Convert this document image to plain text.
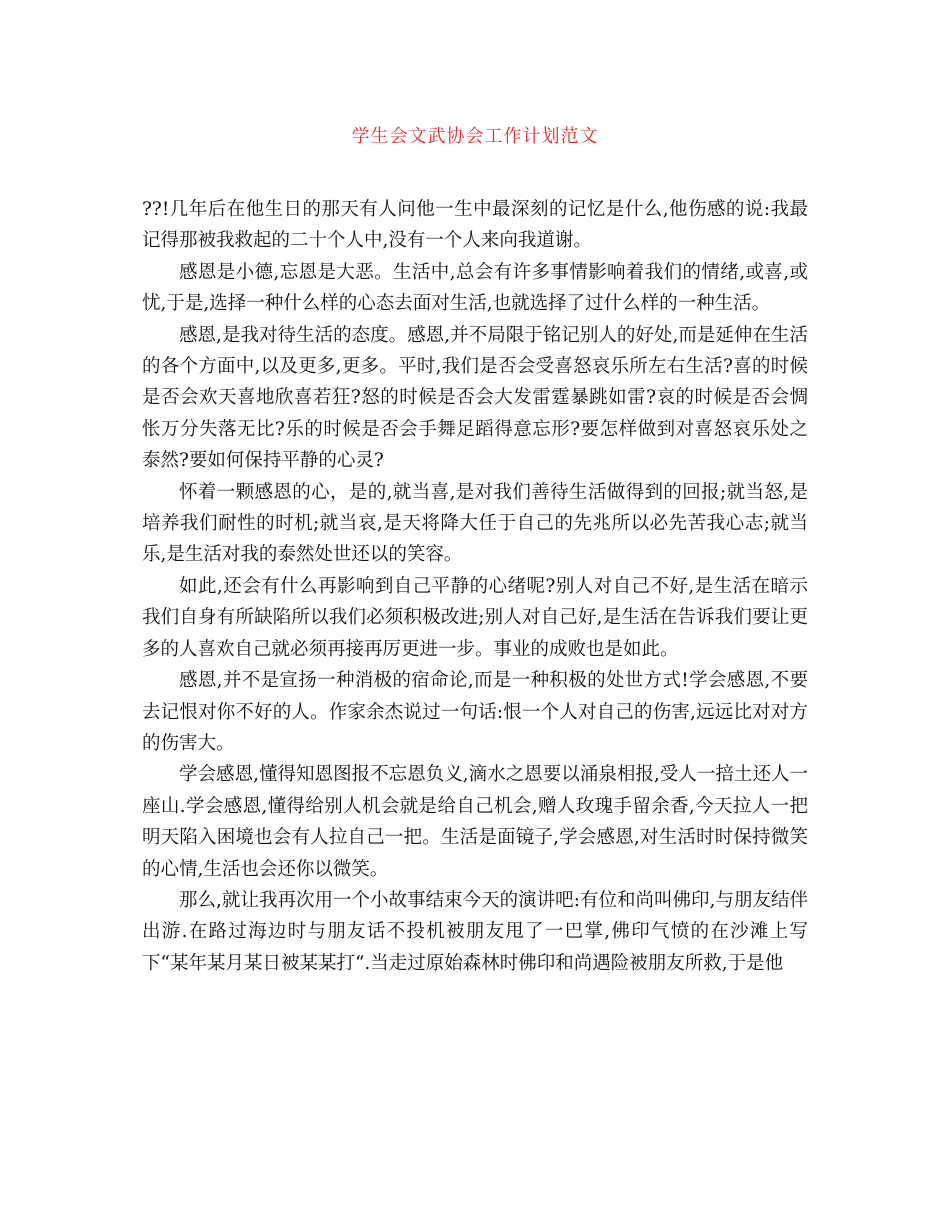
学生会文武协会工作计划范文

??!几年后在他生日的那天有人问他一生中最深刻的记忆是什么,他伤感的说:我最记得那被我救起的二十个人中,没有一个人来向我道谢。

感恩是小德,忘恩是大恶。生活中,总会有许多事情影响着我们的情绪,或喜,或忧,于是,选择一种什么样的心态去面对生活,也就选择了过什么样的一种生活。

感恩,是我对待生活的态度。感恩,并不局限于铭记别人的好处,而是延伸在生活的各个方面中,以及更多,更多。平时,我们是否会受喜怒哀乐所左右生活?喜的时候是否会欢天喜地欣喜若狂?怒的时候是否会大发雷霆暴跳如雷?哀的时候是否会惆怅万分失落无比?乐的时候是否会手舞足蹈得意忘形?要怎样做到对喜怒哀乐处之泰然?要如何保持平静的心灵?

怀着一颗感恩的心，是的,就当喜,是对我们善待生活做得到的回报;就当怒,是培养我们耐性的时机;就当哀,是天将降大任于自己的先兆所以必先苦我心志;就当乐,是生活对我的泰然处世还以的笑容。

如此,还会有什么再影响到自己平静的心绪呢?别人对自己不好,是生活在暗示我们自身有所缺陷所以我们必须积极改进;别人对自己好,是生活在告诉我们要让更多的人喜欢自己就必须再接再厉更进一步。事业的成败也是如此。

感恩,并不是宣扬一种消极的宿命论,而是一种积极的处世方式!学会感恩,不要去记恨对你不好的人。作家余杰说过一句话:恨一个人对自己的伤害,远远比对对方的伤害大。

学会感恩,懂得知恩图报不忘恩负义,滴水之恩要以涌泉相报,受人一掊土还人一座山.学会感恩,懂得给别人机会就是给自己机会,赠人玫瑰手留余香,今天拉人一把明天陷入困境也会有人拉自己一把。生活是面镜子,学会感恩,对生活时时保持微笑的心情,生活也会还你以微笑。

那么,就让我再次用一个小故事结束今天的演讲吧:有位和尚叫佛印,与朋友结伴出游.在路过海边时与朋友话不投机被朋友甩了一巴掌,佛印气愤的在沙滩上写下“某年某月某日被某某打“.当走过原始森林时佛印和尚遇险被朋友所救,于是他
